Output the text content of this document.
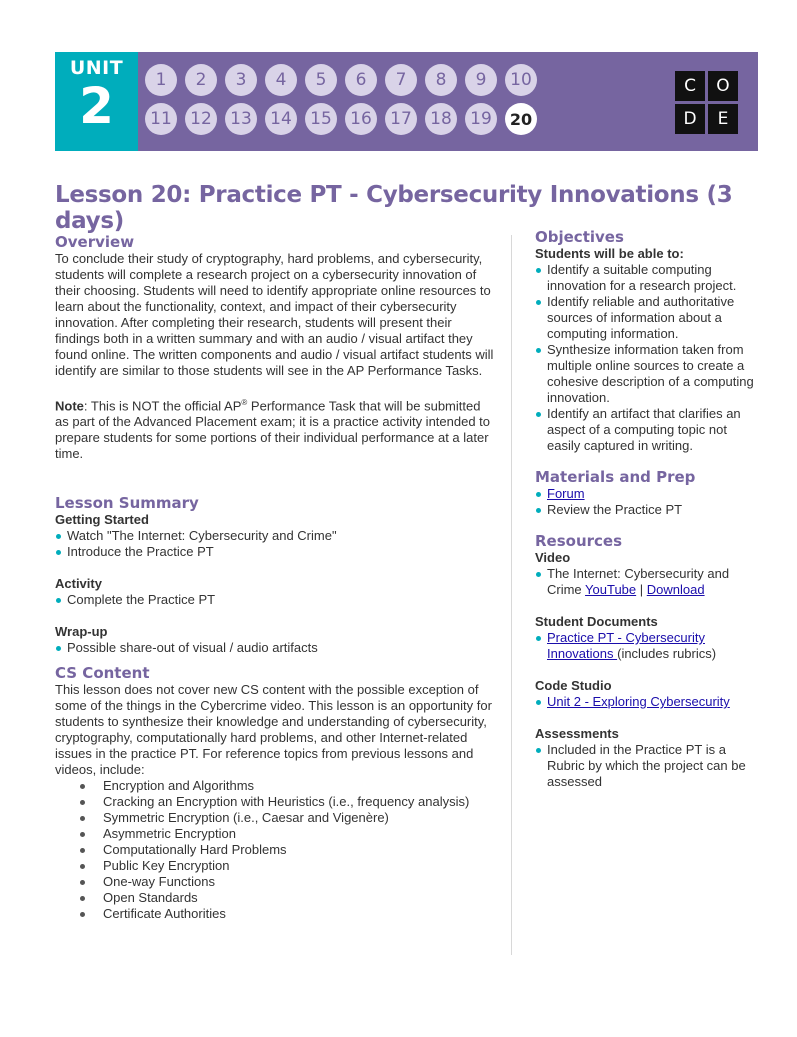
UNIT
2	1	2	3	4	5	6	7	8	9	10
11	12	13	14	15	16	17	18	19	20
C	O
D	E
Lesson 20: Practice PT - Cybersecurity Innovations (3 days)
Overview

To conclude their study of cryptography, hard problems, and cybersecurity, students will complete a research project on a cybersecurity innovation of their choosing. Students will need to identify appropriate online resources to learn about the functionality, context, and impact of their cybersecurity innovation. After completing their research, students will present their findings both in a written summary and with an audio / visual artifact they found online. The written components and audio / visual artifact students will identify are similar to those students will see in the AP Performance Tasks.

Note: This is NOT the official AP® Performance Task that will be submitted as part of the Advanced Placement exam; it is a practice activity intended to prepare students for some portions of their individual performance at a later time.

Lesson Summary
Getting Started
Watch "The Internet: Cybersecurity and Crime"
Introduce the Practice PT
Activity
Complete the Practice PT
Wrap-up
Possible share-out of visual / audio artifacts
CS Content

This lesson does not cover new CS content with the possible exception of some of the things in the Cybercrime video. This lesson is an opportunity for students to synthesize their knowledge and understanding of cybersecurity, cryptography, computationally hard problems, and other Internet-related issues in the practice PT. For reference topics from previous lessons and videos, include:

Encryption and Algorithms
Cracking an Encryption with Heuristics (i.e., frequency analysis)
Symmetric Encryption (i.e., Caesar and Vigenère)
Asymmetric Encryption
Computationally Hard Problems
Public Key Encryption
One-way Functions
Open Standards
Certificate Authorities
Objectives
Students will be able to:
Identify a suitable computing innovation for a research project.
Identify reliable and authoritative sources of information about a computing information.
Synthesize information taken from multiple online sources to create a cohesive description of a computing innovation.
Identify an artifact that clarifies an aspect of a computing topic not easily captured in writing.
Materials and Prep
Forum
Review the Practice PT
Resources
Video
The Internet: Cybersecurity and Crime YouTube | Download
Student Documents
Practice PT - Cybersecurity Innovations (includes rubrics)
Code Studio
Unit 2 - Exploring Cybersecurity
Assessments
Included in the Practice PT is a Rubric by which the project can be assessed
